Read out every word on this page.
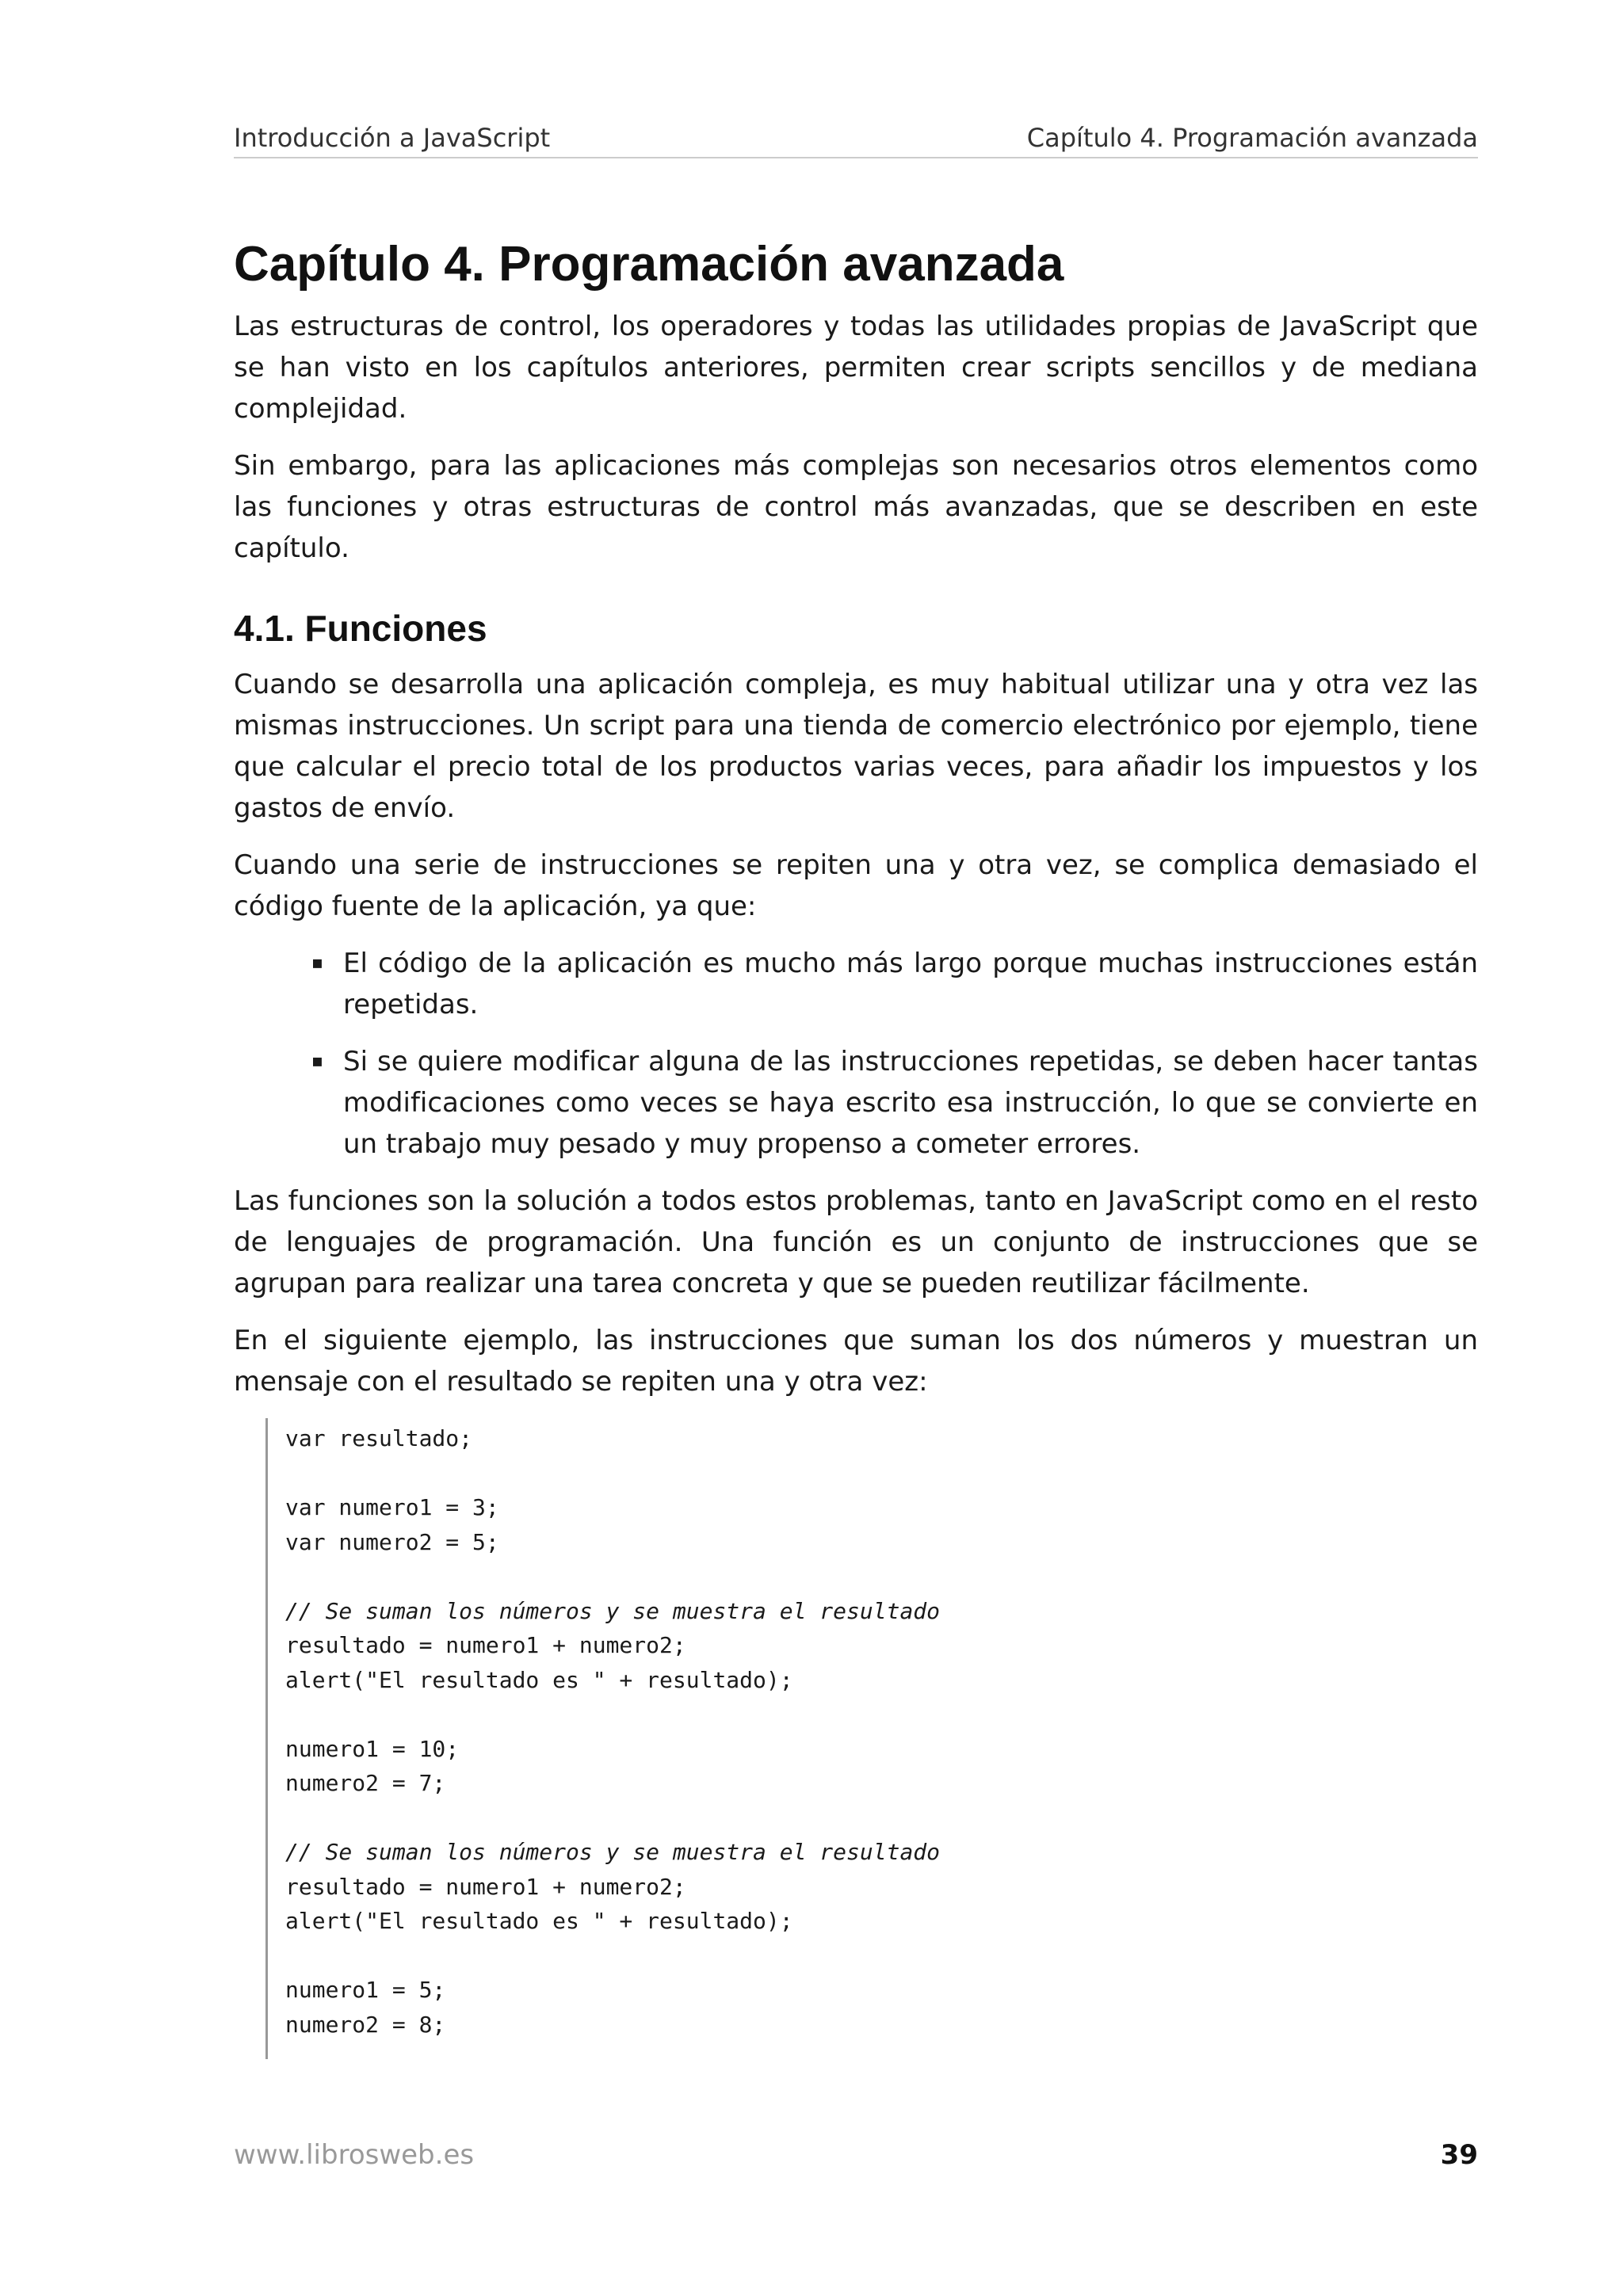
Introducción a JavaScript	Capítulo 4. Programación avanzada
Capítulo 4. Programación avanzada

Las estructuras de control, los operadores y todas las utilidades propias de JavaScript que se han visto en los capítulos anteriores, permiten crear scripts sencillos y de mediana complejidad.

Sin embargo, para las aplicaciones más complejas son necesarios otros elementos como las funciones y otras estructuras de control más avanzadas, que se describen en este capítulo.

4.1. Funciones

Cuando se desarrolla una aplicación compleja, es muy habitual utilizar una y otra vez las mismas instrucciones. Un script para una tienda de comercio electrónico por ejemplo, tiene que calcular el precio total de los productos varias veces, para añadir los impuestos y los gastos de envío.

Cuando una serie de instrucciones se repiten una y otra vez, se complica demasiado el código fuente de la aplicación, ya que:

▪ El código de la aplicación es mucho más largo porque muchas instrucciones están repetidas.
▪ Si se quiere modificar alguna de las instrucciones repetidas, se deben hacer tantas modificaciones como veces se haya escrito esa instrucción, lo que se convierte en un trabajo muy pesado y muy propenso a cometer errores.

Las funciones son la solución a todos estos problemas, tanto en JavaScript como en el resto de lenguajes de programación. Una función es un conjunto de instrucciones que se agrupan para realizar una tarea concreta y que se pueden reutilizar fácilmente.

En el siguiente ejemplo, las instrucciones que suman los dos números y muestran un mensaje con el resultado se repiten una y otra vez:

var resultado;
var numero1 = 3;
var numero2 = 5;
// Se suman los números y se muestra el resultado
resultado = numero1 + numero2;
alert("El resultado es " + resultado);
numero1 = 10;
numero2 = 7;
// Se suman los números y se muestra el resultado
resultado = numero1 + numero2;
alert("El resultado es " + resultado);
numero1 = 5;
numero2 = 8;
www.librosweb.es	39
